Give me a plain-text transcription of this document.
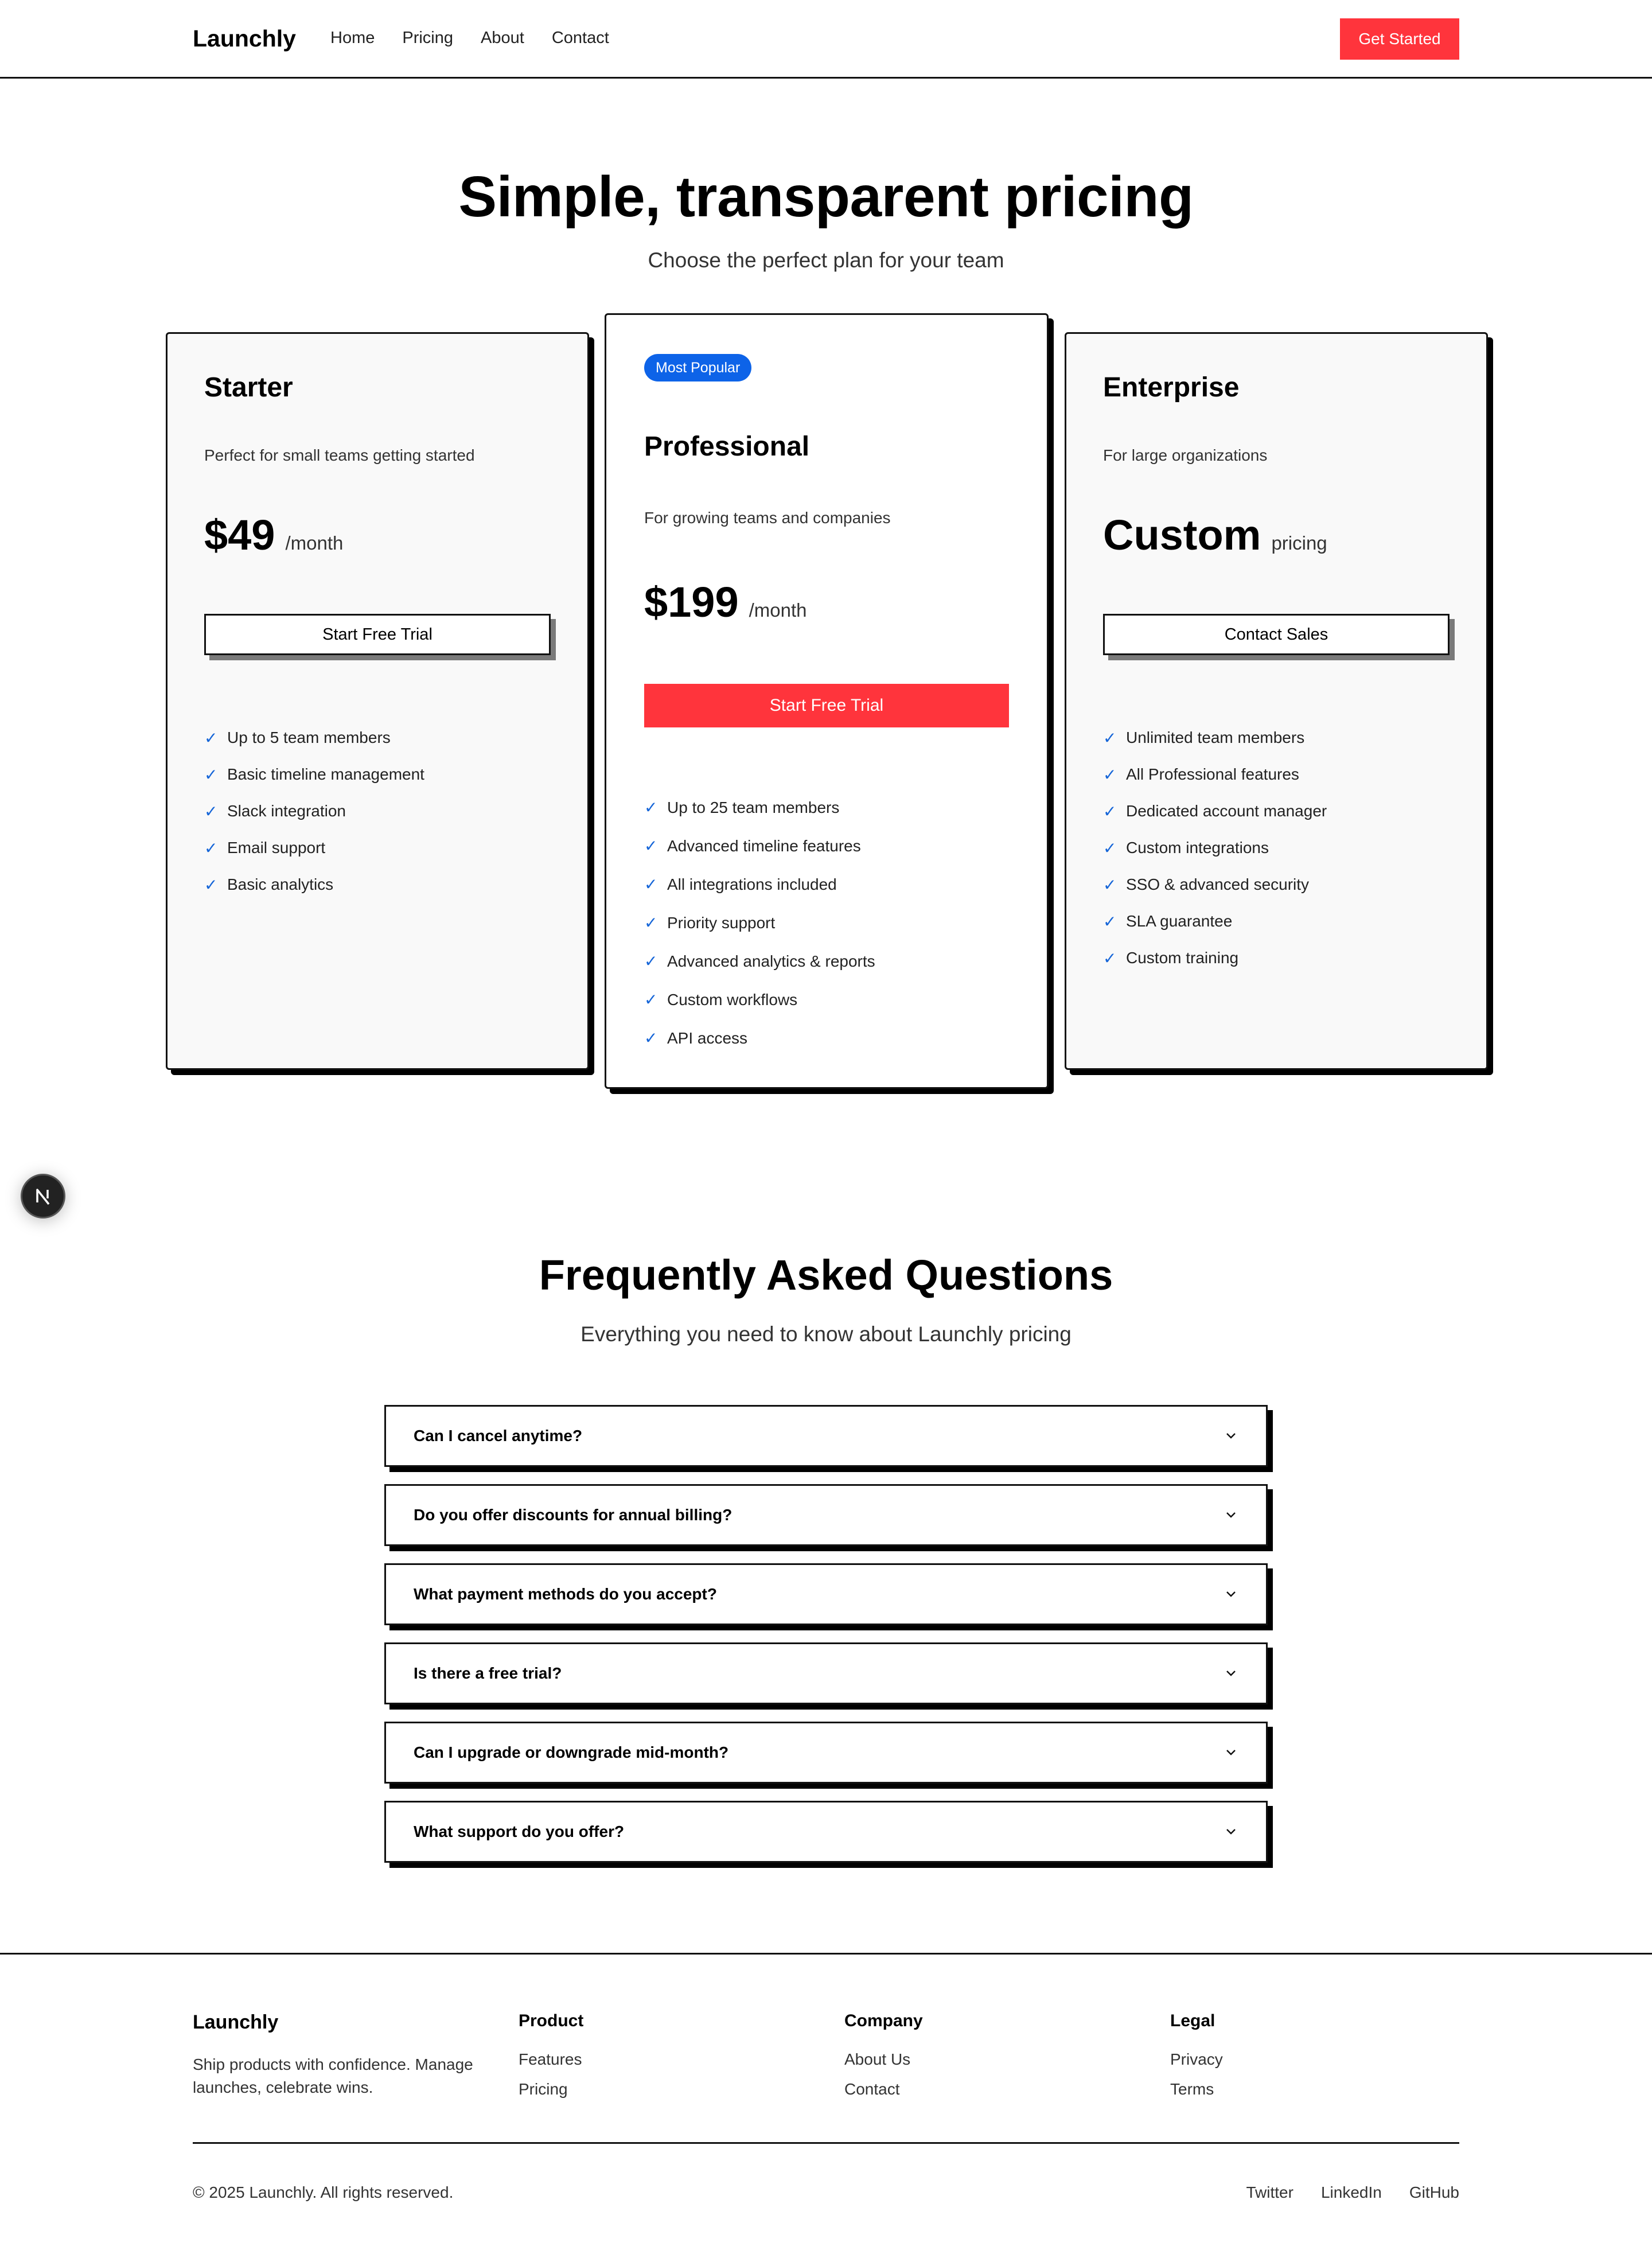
Launchly Home Pricing About Contact	Get Started
Simple, transparent pricing

Choose the perfect plan for your team

Starter

Perfect for small teams getting started

$49 /month
Start Free Trial
✓ Up to 5 team members
✓ Basic timeline management
✓ Slack integration
✓ Email support
✓ Basic analytics
Most Popular
Professional

For growing teams and companies

$199 /month
Start Free Trial
✓ Up to 25 team members
✓ Advanced timeline features
✓ All integrations included
✓ Priority support
✓ Advanced analytics & reports
✓ Custom workflows
✓ API access
Enterprise

For large organizations

Custom pricing
Contact Sales
✓ Unlimited team members
✓ All Professional features
✓ Dedicated account manager
✓ Custom integrations
✓ SSO & advanced security
✓ SLA guarantee
✓ Custom training
Frequently Asked Questions

Everything you need to know about Launchly pricing

Can I cancel anytime?
Do you offer discounts for annual billing?
What payment methods do you accept?
Is there a free trial?
Can I upgrade or downgrade mid-month?
What support do you offer?
Launchly
Ship products with confidence. Manage launches, celebrate wins.
Product
Features
Pricing
Company
About Us
Contact
Legal
Privacy
Terms

© 2025 Launchly. All rights reserved.	Twitter LinkedIn GitHub
